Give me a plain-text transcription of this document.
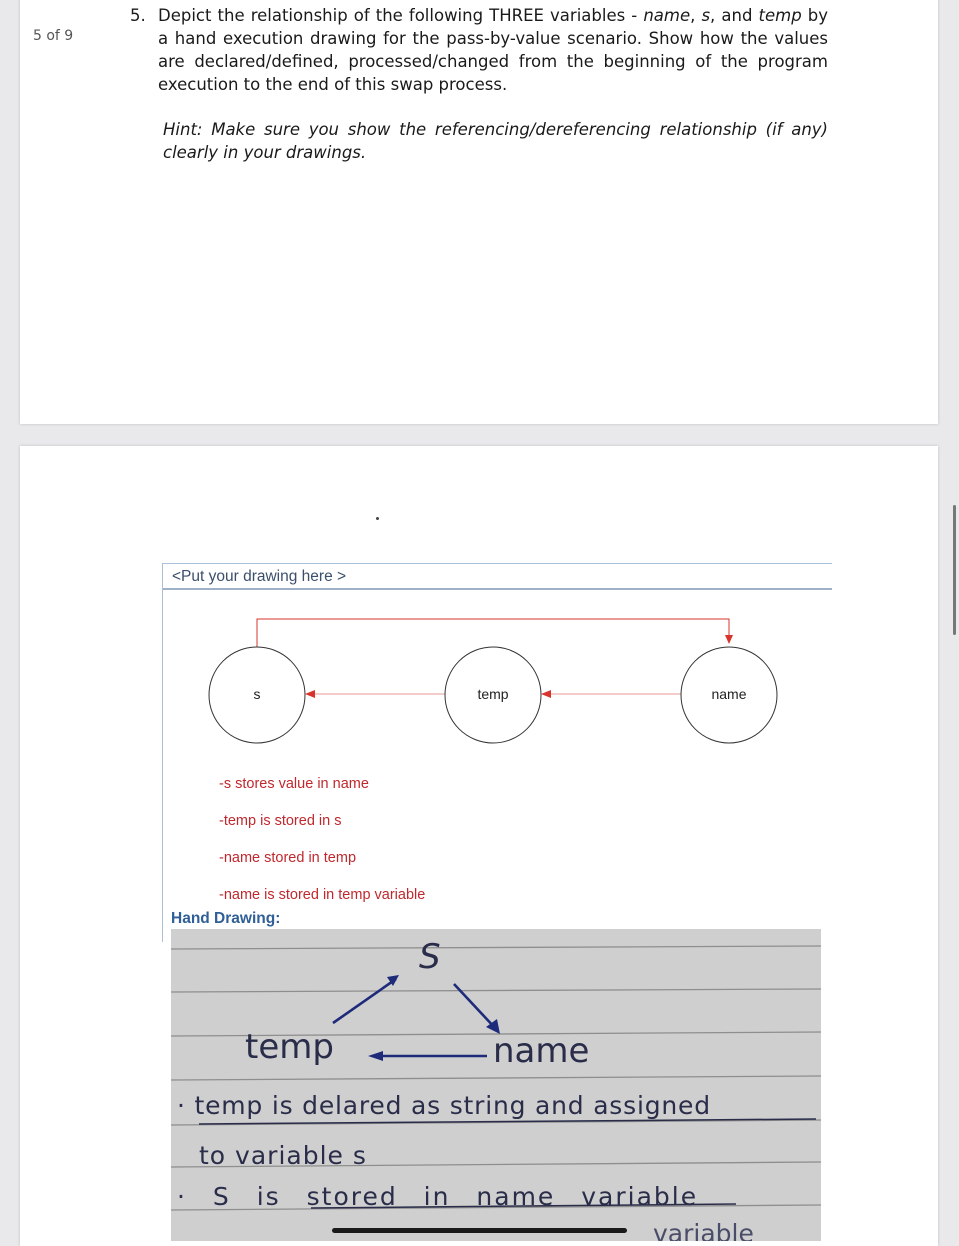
5 of 9
5. Depict the relationship of the following THREE variables - name, s, and temp by a hand execution drawing for the pass-by-value scenario. Show how the values are declared/defined, processed/changed from the beginning of the program execution to the end of this swap process.
Hint: Make sure you show the referencing/dereferencing relationship (if any) clearly in your drawings.
<Put your drawing here >
s	temp	name
-s stores value in name
-temp is stored in s
-name stored in temp
-name is stored in temp variable
Hand Drawing:
S
temp	name
· temp is delared as string and assigned
to variable s
· S is stored in name variable
variable
